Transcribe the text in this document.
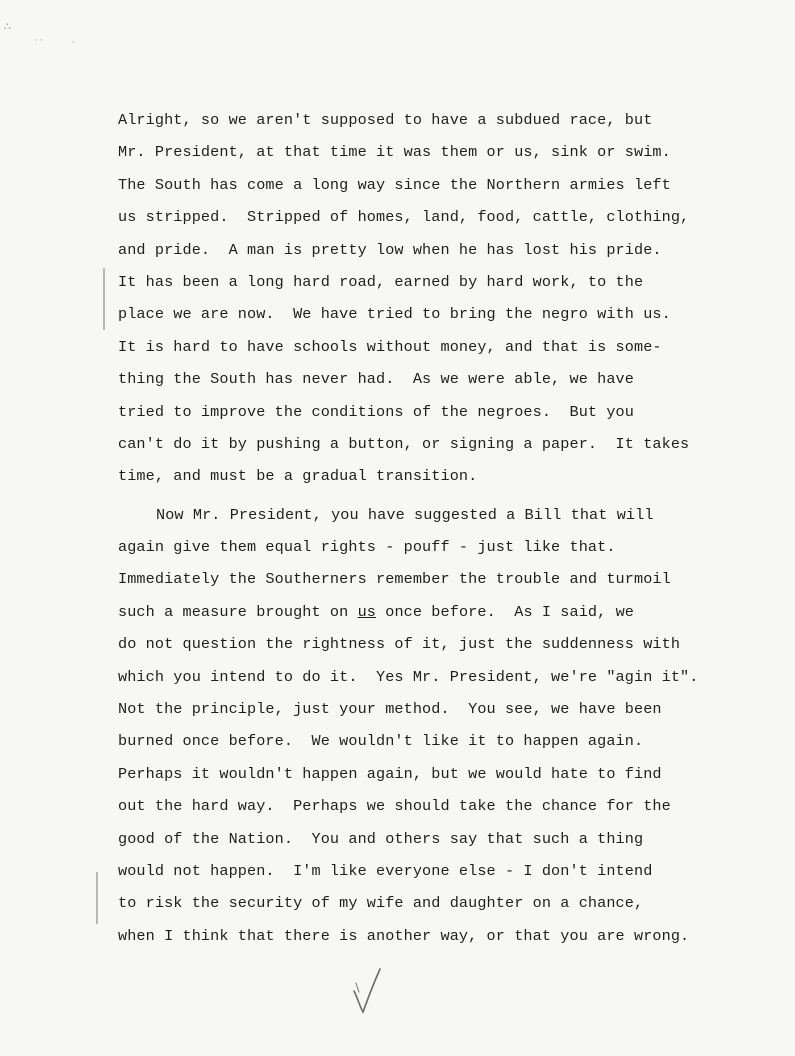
∴
· ·	·
Alright, so we aren't supposed to have a subdued race, but
Mr. President, at that time it was them or us, sink or swim.
The South has come a long way since the Northern armies left
us stripped.  Stripped of homes, land, food, cattle, clothing,
and pride.  A man is pretty low when he has lost his pride.
It has been a long hard road, earned by hard work, to the
place we are now.  We have tried to bring the negro with us.
It is hard to have schools without money, and that is some-
thing the South has never had.  As we were able, we have
tried to improve the conditions of the negroes.  But you
can't do it by pushing a button, or signing a paper.  It takes
time, and must be a gradual transition.
Now Mr. President, you have suggested a Bill that will
again give them equal rights - pouff - just like that.
Immediately the Southerners remember the trouble and turmoil
such a measure brought on us once before.  As I said, we
do not question the rightness of it, just the suddenness with
which you intend to do it.  Yes Mr. President, we're "agin it".
Not the principle, just your method.  You see, we have been
burned once before.  We wouldn't like it to happen again.
Perhaps it wouldn't happen again, but we would hate to find
out the hard way.  Perhaps we should take the chance for the
good of the Nation.  You and others say that such a thing
would not happen.  I'm like everyone else - I don't intend
to risk the security of my wife and daughter on a chance,
when I think that there is another way, or that you are wrong.
